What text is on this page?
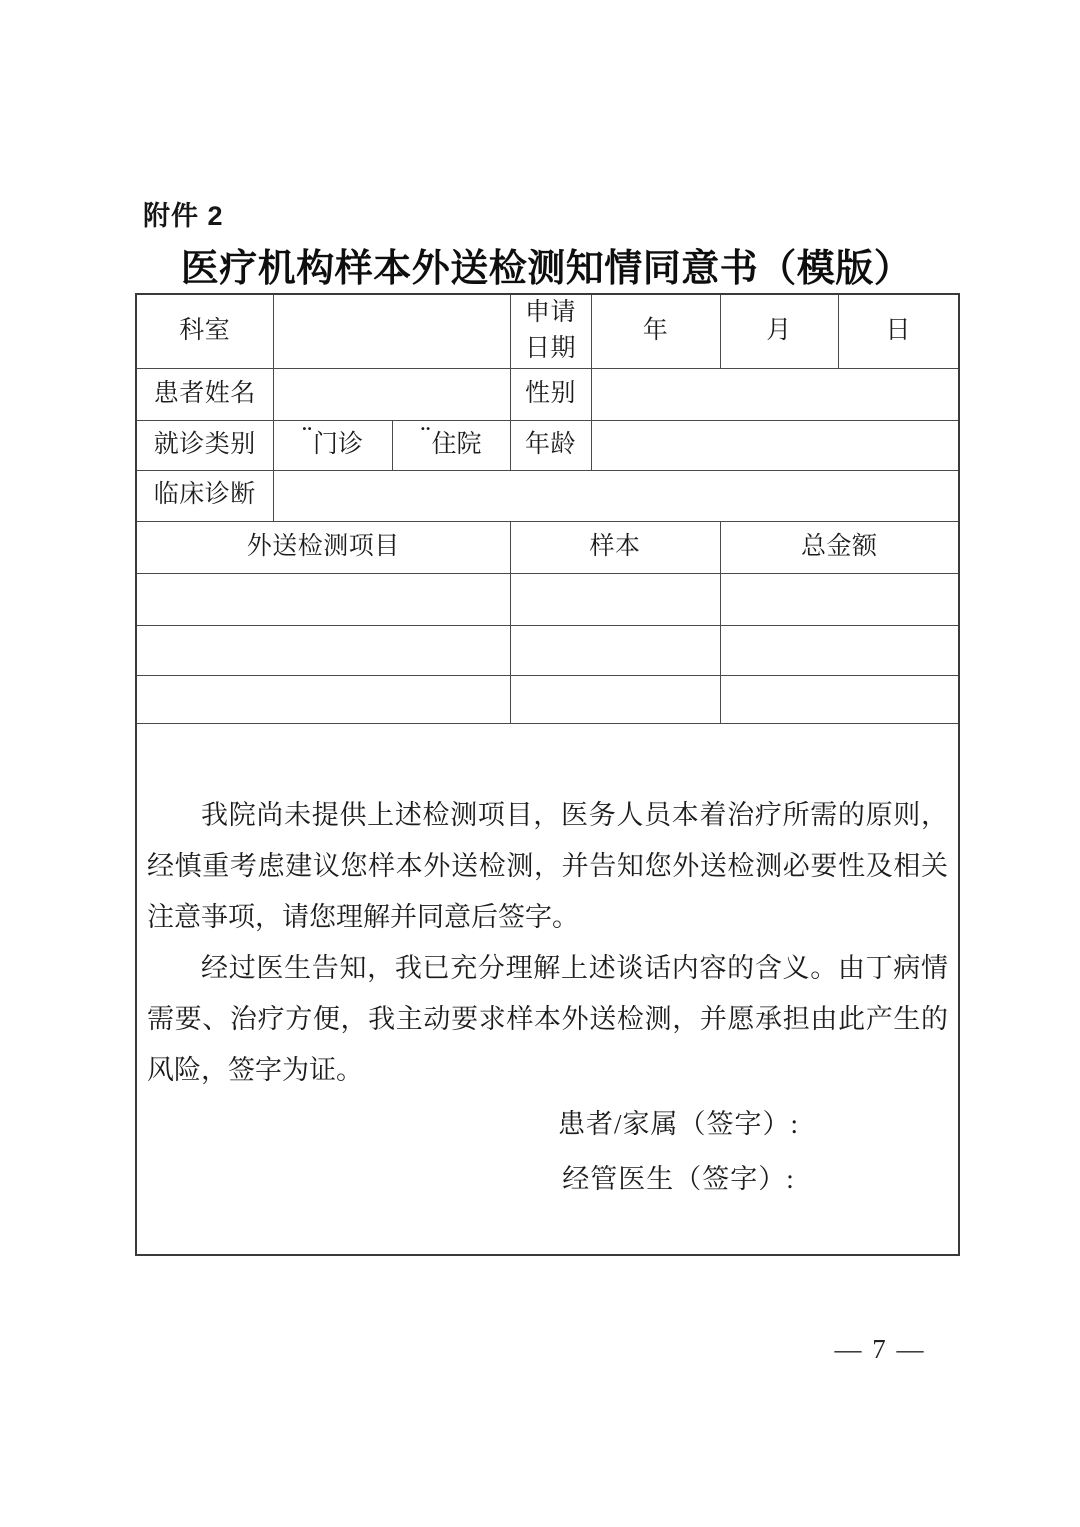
附件 2
医疗机构样本外送检测知情同意书（模版）
科室			申请日期	年	月	日
患者姓名			性别			
就诊类别	¨门诊	¨住院	年龄			
临床诊断						
外送检测项目			样本		总金额	

我院尚未提供上述检测项目，医务人员本着治疗所需的原则，经慎重考虑建议您样本外送检测，并告知您外送检测必要性及相关注意亊项，请您理解并同意后签字。

经过医生告知，我已充分理解上述谈话内容的含义。由丁病情需要、治疗方便，我主动要求样本外送检测，并愿承担由此产生的风险，签字为证。

患者/家属（签字）:
经管医生（签字）:						
— 7 —
